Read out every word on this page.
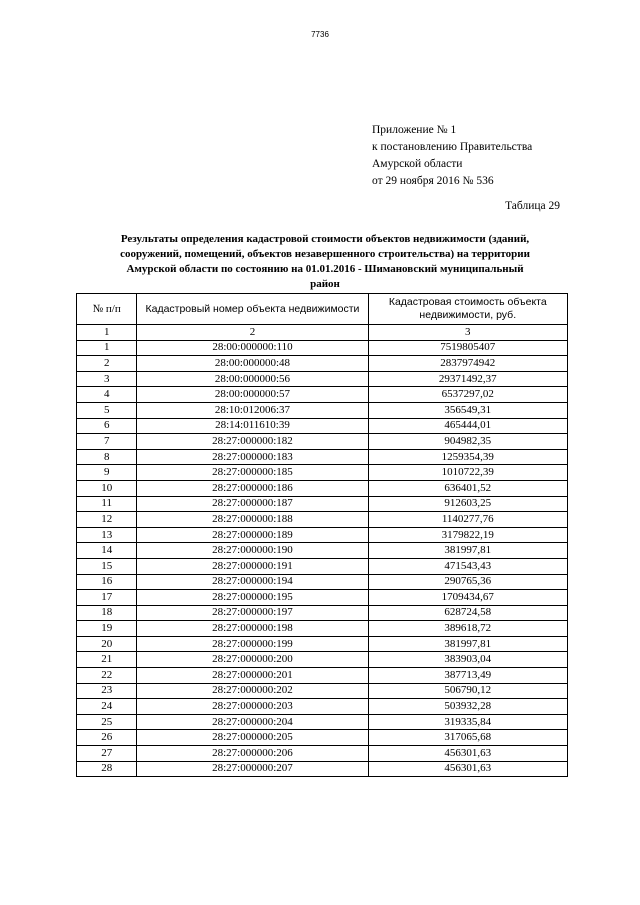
7736
Приложение № 1
к постановлению Правительства
Амурской области
от 29 ноября 2016 № 536
Таблица 29
Результаты определения кадастровой стоимости объектов недвижимости (зданий,
сооружений, помещений, объектов незавершенного строительства) на территории
Амурской области по состоянию на 01.01.2016 - Шимановский муниципальный
район
№ п/п	Кадастровый номер объекта недвижимости	Кадастровая стоимость объекта недвижимости, руб.
1	2	3
1	28:00:000000:110	7519805407
2	28:00:000000:48	2837974942
3	28:00:000000:56	29371492,37
4	28:00:000000:57	6537297,02
5	28:10:012006:37	356549,31
6	28:14:011610:39	465444,01
7	28:27:000000:182	904982,35
8	28:27:000000:183	1259354,39
9	28:27:000000:185	1010722,39
10	28:27:000000:186	636401,52
11	28:27:000000:187	912603,25
12	28:27:000000:188	1140277,76
13	28:27:000000:189	3179822,19
14	28:27:000000:190	381997,81
15	28:27:000000:191	471543,43
16	28:27:000000:194	290765,36
17	28:27:000000:195	1709434,67
18	28:27:000000:197	628724,58
19	28:27:000000:198	389618,72
20	28:27:000000:199	381997,81
21	28:27:000000:200	383903,04
22	28:27:000000:201	387713,49
23	28:27:000000:202	506790,12
24	28:27:000000:203	503932,28
25	28:27:000000:204	319335,84
26	28:27:000000:205	317065,68
27	28:27:000000:206	456301,63
28	28:27:000000:207	456301,63
